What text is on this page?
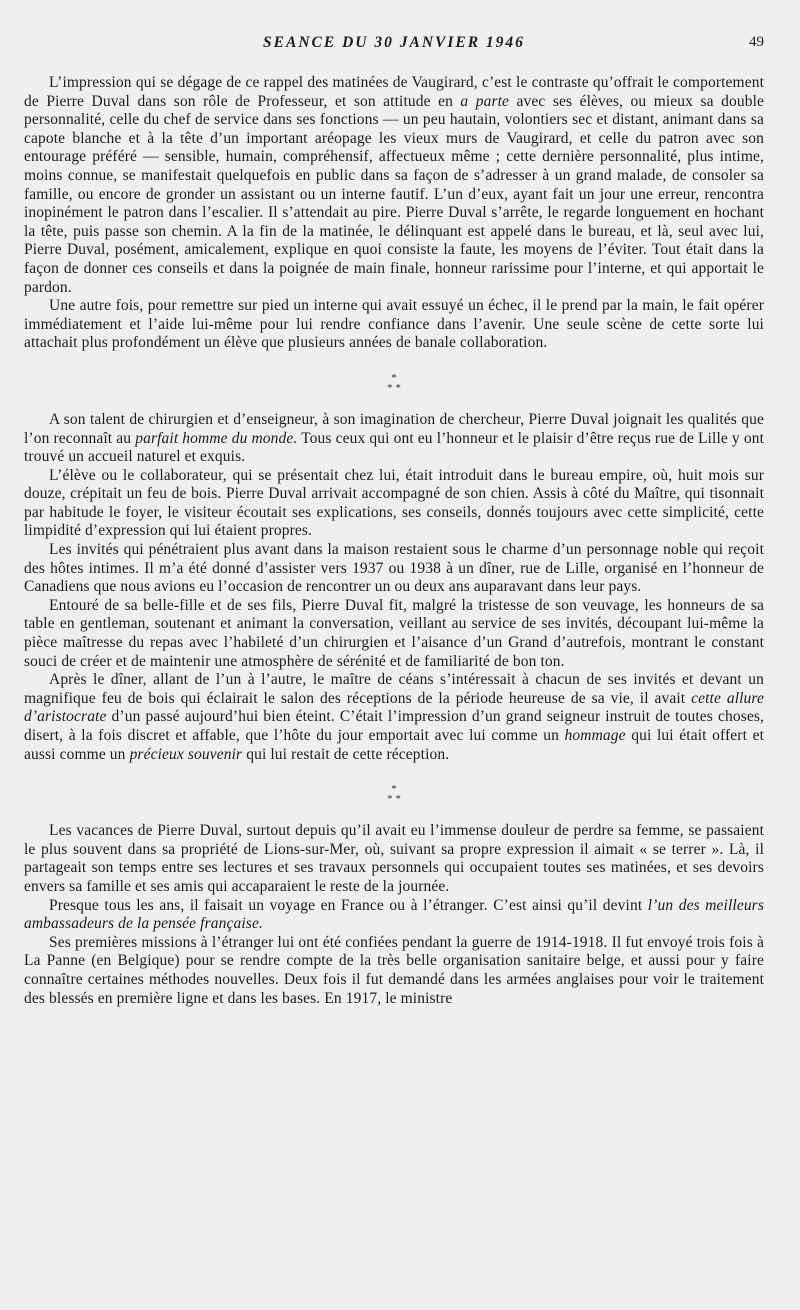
SEANCE DU 30 JANVIER 1946	49

L’impression qui se dégage de ce rappel des matinées de Vaugirard, c’est le contraste qu’offrait le comportement de Pierre Duval dans son rôle de Professeur, et son attitude en a parte avec ses élèves, ou mieux sa double personnalité, celle du chef de service dans ses fonctions — un peu hautain, volontiers sec et distant, animant dans sa capote blanche et à la tête d’un important aréopage les vieux murs de Vaugirard, et celle du patron avec son entourage préféré — sensible, humain, compréhensif, affectueux même ; cette dernière personnalité, plus intime, moins connue, se manifestait quelquefois en public dans sa façon de s’adresser à un grand malade, de consoler sa famille, ou encore de gronder un assistant ou un interne fautif. L’un d’eux, ayant fait un jour une erreur, rencontra inopinément le patron dans l’escalier. Il s’attendait au pire. Pierre Duval s’arrête, le regarde longuement en hochant la tête, puis passe son chemin. A la fin de la matinée, le délinquant est appelé dans le bureau, et là, seul avec lui, Pierre Duval, posément, amicalement, explique en quoi consiste la faute, les moyens de l’éviter. Tout était dans la façon de donner ces conseils et dans la poignée de main finale, honneur rarissime pour l’interne, et qui apportait le pardon.

Une autre fois, pour remettre sur pied un interne qui avait essuyé un échec, il le prend par la main, le fait opérer immédiatement et l’aide lui-même pour lui rendre confiance dans l’avenir. Une seule scène de cette sorte lui attachait plus profondément un élève que plusieurs années de banale collaboration.

*
* *

A son talent de chirurgien et d’enseigneur, à son imagination de chercheur, Pierre Duval joignait les qualités que l’on reconnaît au parfait homme du monde. Tous ceux qui ont eu l’honneur et le plaisir d’être reçus rue de Lille y ont trouvé un accueil naturel et exquis.

L’élève ou le collaborateur, qui se présentait chez lui, était introduit dans le bureau empire, où, huit mois sur douze, crépitait un feu de bois. Pierre Duval arrivait accompagné de son chien. Assis à côté du Maître, qui tisonnait par habitude le foyer, le visiteur écoutait ses explications, ses conseils, donnés toujours avec cette simplicité, cette limpidité d’expression qui lui étaient propres.

Les invités qui pénétraient plus avant dans la maison restaient sous le charme d’un personnage noble qui reçoit des hôtes intimes. Il m’a été donné d’assister vers 1937 ou 1938 à un dîner, rue de Lille, organisé en l’honneur de Canadiens que nous avions eu l’occasion de rencontrer un ou deux ans auparavant dans leur pays.

Entouré de sa belle-fille et de ses fils, Pierre Duval fit, malgré la tristesse de son veuvage, les honneurs de sa table en gentleman, soutenant et animant la conversation, veillant au service de ses invités, découpant lui-même la pièce maîtresse du repas avec l’habileté d’un chirurgien et l’aisance d’un Grand d’autrefois, montrant le constant souci de créer et de maintenir une atmosphère de sérénité et de familiarité de bon ton.

Après le dîner, allant de l’un à l’autre, le maître de céans s’intéressait à chacun de ses invités et devant un magnifique feu de bois qui éclairait le salon des réceptions de la période heureuse de sa vie, il avait cette allure d’aristocrate d’un passé aujourd’hui bien éteint. C’était l’impression d’un grand seigneur instruit de toutes choses, disert, à la fois discret et affable, que l’hôte du jour emportait avec lui comme un hommage qui lui était offert et aussi comme un précieux souvenir qui lui restait de cette réception.

*
* *

Les vacances de Pierre Duval, surtout depuis qu’il avait eu l’immense douleur de perdre sa femme, se passaient le plus souvent dans sa propriété de Lions-sur-Mer, où, suivant sa propre expression il aimait « se terrer ». Là, il partageait son temps entre ses lectures et ses travaux personnels qui occupaient toutes ses matinées, et ses devoirs envers sa famille et ses amis qui accaparaient le reste de la journée.

Presque tous les ans, il faisait un voyage en France ou à l’étranger. C’est ainsi qu’il devint l’un des meilleurs ambassadeurs de la pensée française.

Ses premières missions à l’étranger lui ont été confiées pendant la guerre de 1914-1918. Il fut envoyé trois fois à La Panne (en Belgique) pour se rendre compte de la très belle organisation sanitaire belge, et aussi pour y faire connaître certaines méthodes nouvelles. Deux fois il fut demandé dans les armées anglaises pour voir le traitement des blessés en première ligne et dans les bases. En 1917, le ministre
